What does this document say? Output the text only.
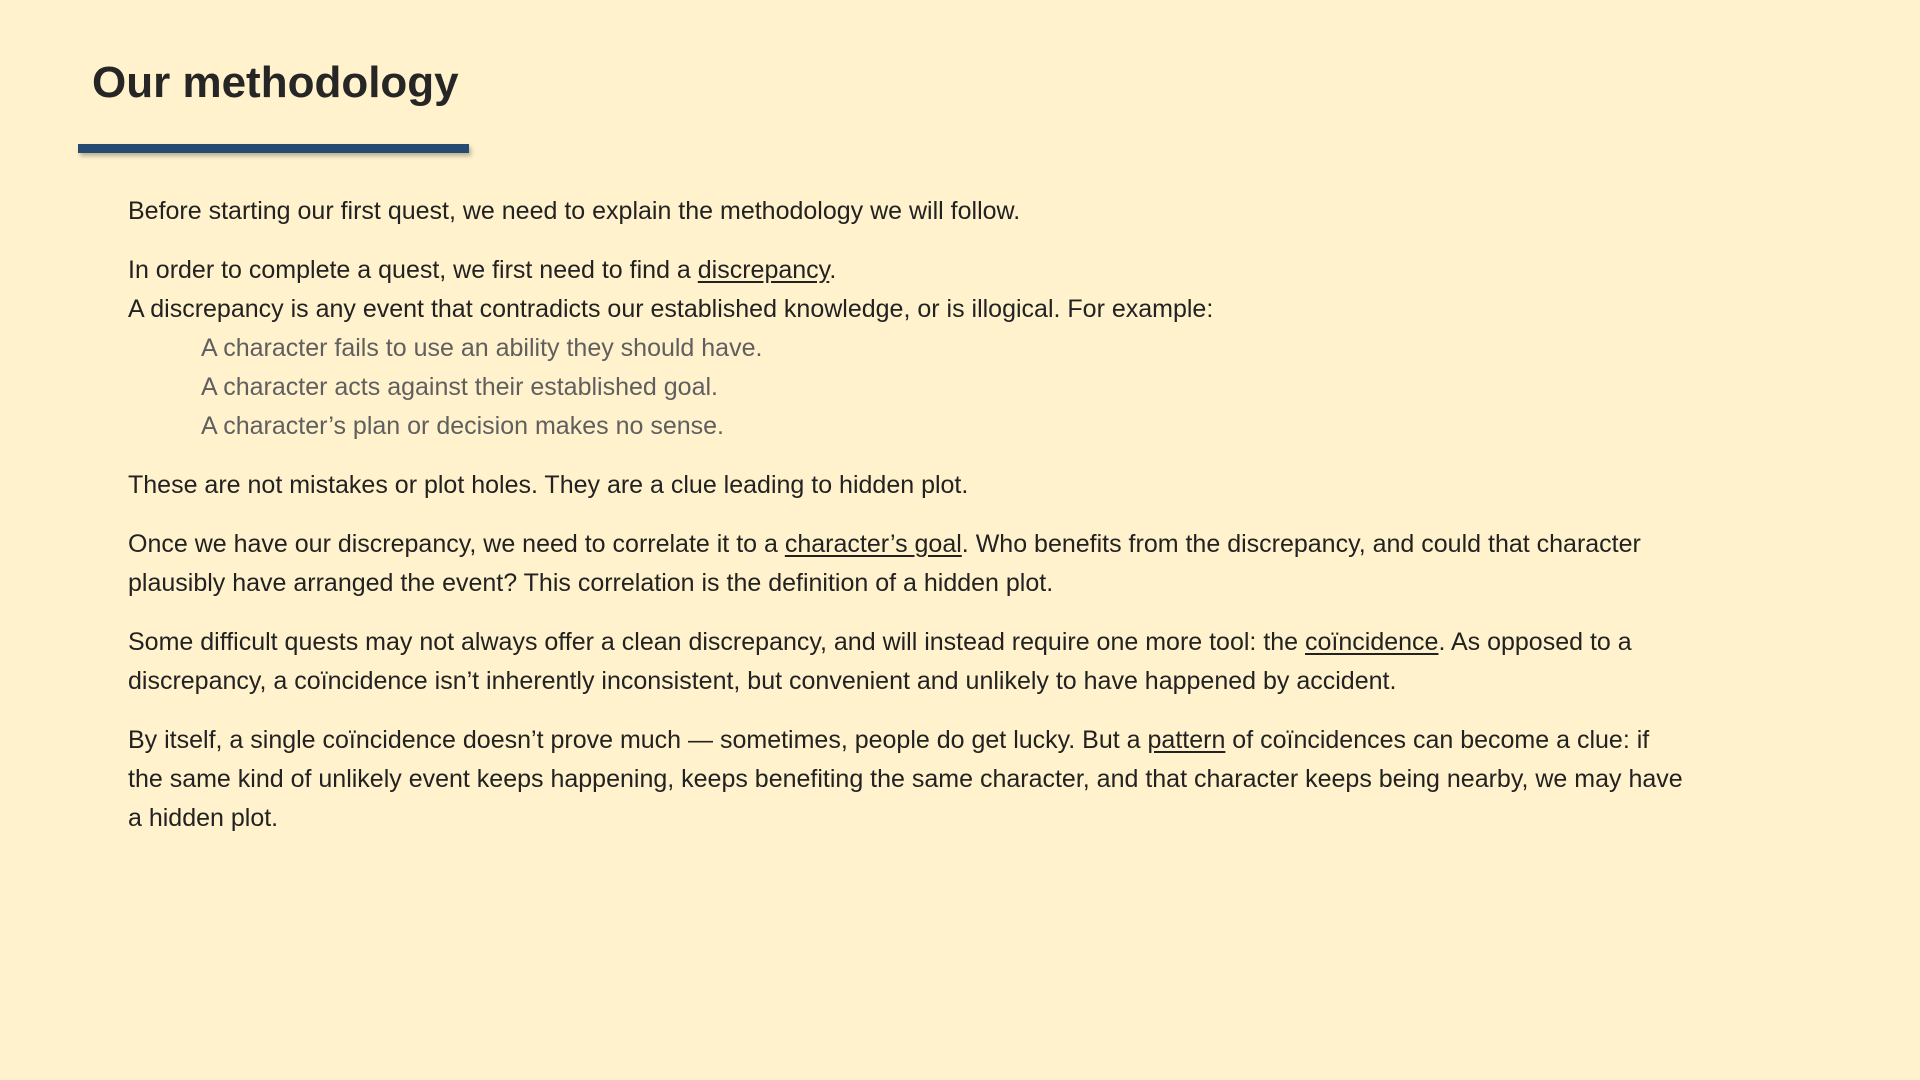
Our methodology

Before starting our first quest, we need to explain the methodology we will follow.

In order to complete a quest, we first need to find a discrepancy.

A discrepancy is any event that contradicts our established knowledge, or is illogical. For example:

A character fails to use an ability they should have.
A character acts against their established goal.
A character’s plan or decision makes no sense.

These are not mistakes or plot holes. They are a clue leading to hidden plot.

Once we have our discrepancy, we need to correlate it to a character’s goal. Who benefits from the discrepancy, and could that character plausibly have arranged the event? This correlation is the definition of a hidden plot.

Some difficult quests may not always offer a clean discrepancy, and will instead require one more tool: the coïncidence. As opposed to a discrepancy, a coïncidence isn’t inherently inconsistent, but convenient and unlikely to have happened by accident.

By itself, a single coïncidence doesn’t prove much — sometimes, people do get lucky. But a pattern of coïncidences can become a clue: if the same kind of unlikely event keeps happening, keeps benefiting the same character, and that character keeps being nearby, we may have a hidden plot.
